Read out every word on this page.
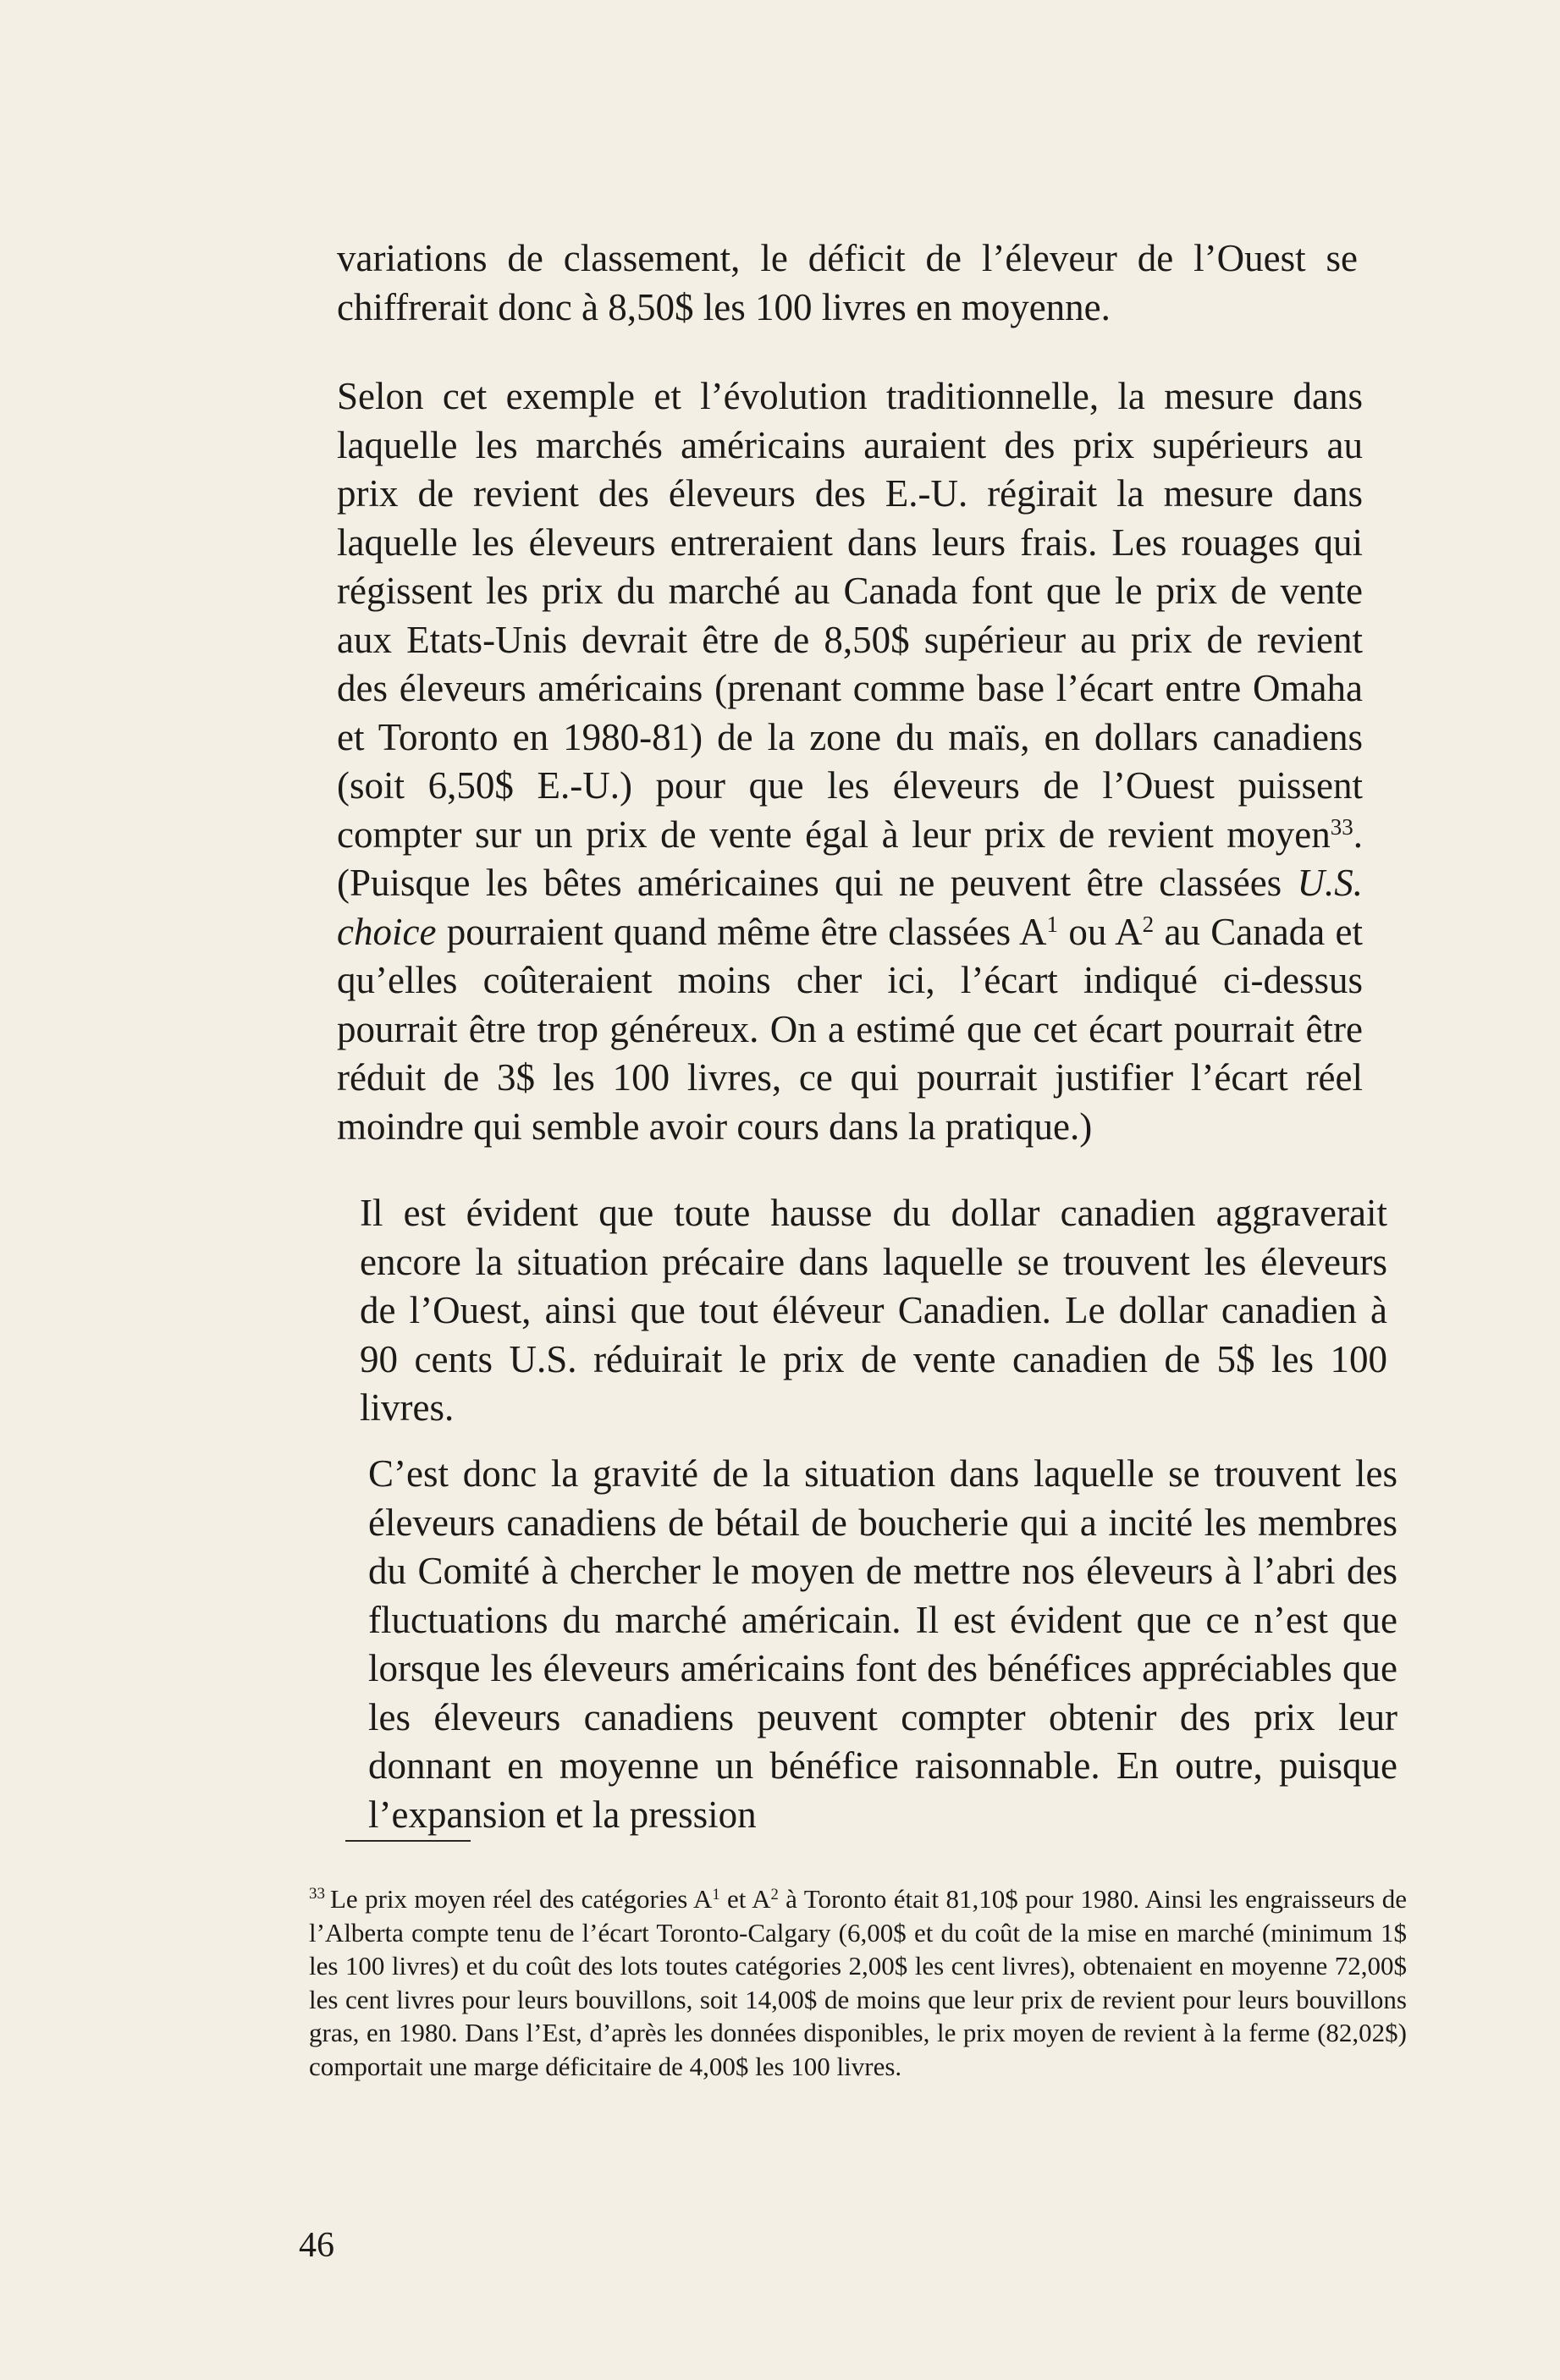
variations de classement, le déficit de l’éleveur de l’Ouest se chiffrerait donc à 8,50$ les 100 livres en moyenne.

Selon cet exemple et l’évolution traditionnelle, la mesure dans laquelle les marchés américains auraient des prix supérieurs au prix de revient des éleveurs des E.-U. régirait la mesure dans laquelle les éleveurs entreraient dans leurs frais. Les rouages qui régissent les prix du marché au Canada font que le prix de vente aux Etats-Unis devrait être de 8,50$ supérieur au prix de revient des éleveurs américains (prenant comme base l’écart entre Omaha et Toronto en 1980-81) de la zone du maïs, en dollars canadiens (soit 6,50$ E.-U.) pour que les éleveurs de l’Ouest puissent compter sur un prix de vente égal à leur prix de revient moyen$^{33}$. (Puisque les bêtes américaines qui ne peuvent être classées U.S. choice pourraient quand même être classées $A^1$ ou $A^2$ au Canada et qu’elles coûteraient moins cher ici, l’écart indiqué ci-dessus pourrait être trop généreux. On a estimé que cet écart pourrait être réduit de 3$ les 100 livres, ce qui pourrait justifier l’écart réel moindre qui semble avoir cours dans la pratique.)

Il est évident que toute hausse du dollar canadien aggraverait encore la situation précaire dans laquelle se trouvent les éleveurs de l’Ouest, ainsi que tout éléveur Canadien. Le dollar canadien à 90 cents U.S. réduirait le prix de vente canadien de 5$ les 100 livres.

C’est donc la gravité de la situation dans laquelle se trouvent les éleveurs canadiens de bétail de boucherie qui a incité les membres du Comité à chercher le moyen de mettre nos éleveurs à l’abri des fluctuations du marché américain. Il est évident que ce n’est que lorsque les éleveurs américains font des bénéfices appréciables que les éleveurs canadiens peuvent compter obtenir des prix leur donnant en moyenne un bénéfice raisonnable. En outre, puisque l’expansion et la pression

$^{33}$ Le prix moyen réel des catégories $A^1$ et $A^2$ à Toronto était 81,10$ pour 1980. Ainsi les engraisseurs de l’Alberta compte tenu de l’écart Toronto-Calgary (6,00$ et du coût de la mise en marché (minimum 1$ les 100 livres) et du coût des lots toutes catégories 2,00$ les cent livres), obtenaient en moyenne 72,00$ les cent livres pour leurs bouvillons, soit 14,00$ de moins que leur prix de revient pour leurs bouvillons gras, en 1980. Dans l’Est, d’après les données disponibles, le prix moyen de revient à la ferme (82,02$) comportait une marge déficitaire de 4,00$ les 100 livres.

46
